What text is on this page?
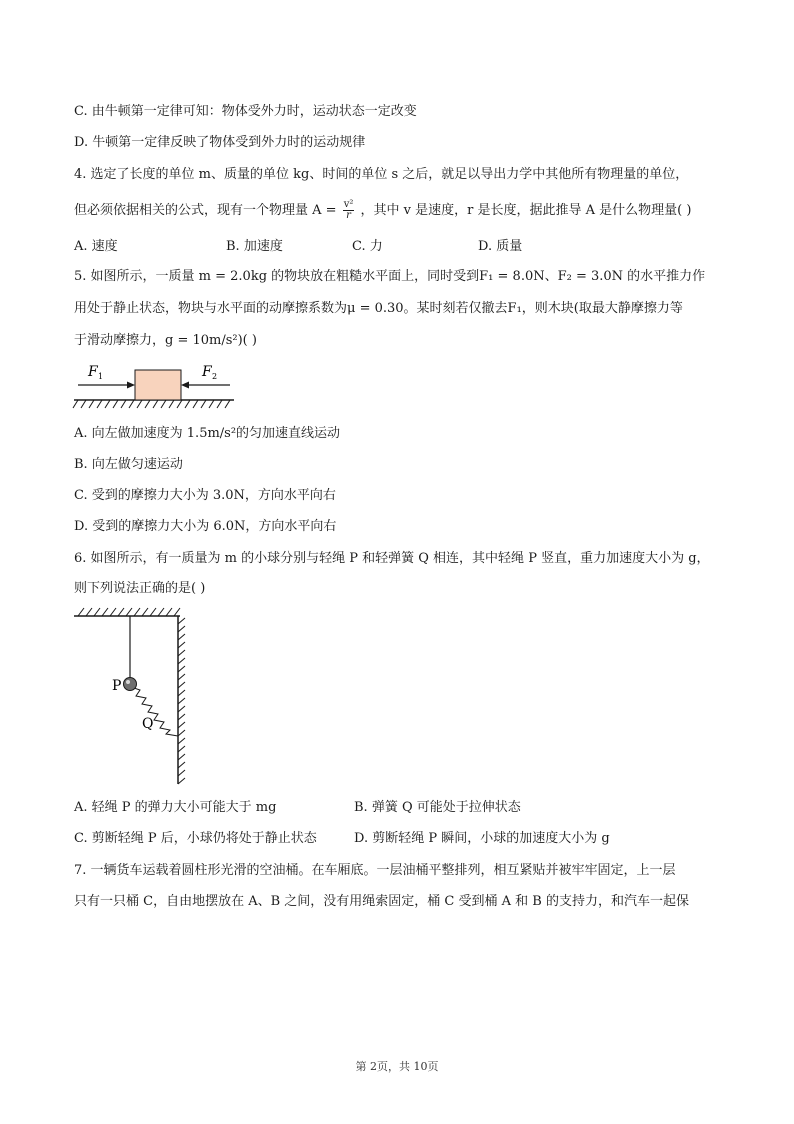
C. 由牛顿第一定律可知：物体受外力时，运动状态一定改变
D. 牛顿第一定律反映了物体受到外力时的运动规律
4. 选定了长度的单位 m、质量的单位 kg、时间的单位 s 之后，就足以导出力学中其他所有物理量的单位，
但必须依据相关的公式，现有一个物理量 $A = \frac{\text{v²}}{r}$ ，其中 v 是速度，r 是长度，据此推导 A 是什么物理量( )
A. 速度	B. 加速度	C. 力	D. 质量
5. 如图所示，一质量 m = 2.0kg 的物块放在粗糙水平面上，同时受到F₁ = 8.0N、F₂ = 3.0N 的水平推力作
用处于静止状态，物块与水平面的动摩擦系数为μ = 0.30。某时刻若仅撤去F₁，则木块(取最大静摩擦力等
于滑动摩擦力，g = 10m/s²)( )
F 1	F 2
A. 向左做加速度为 1.5m/s²的匀加速直线运动
B. 向左做匀速运动
C. 受到的摩擦力大小为 3.0N，方向水平向右
D. 受到的摩擦力大小为 6.0N，方向水平向右
6. 如图所示，有一质量为 m 的小球分别与轻绳 P 和轻弹簧 Q 相连，其中轻绳 P 竖直，重力加速度大小为 g，
则下列说法正确的是( )
P
Q
A. 轻绳 P 的弹力大小可能大于 mg	B. 弹簧 Q 可能处于拉伸状态
C. 剪断轻绳 P 后，小球仍将处于静止状态	D. 剪断轻绳 P 瞬间，小球的加速度大小为 g
7. 一辆货车运载着圆柱形光滑的空油桶。在车厢底。一层油桶平整排列，相互紧贴并被牢牢固定，上一层
只有一只桶 C，自由地摆放在 A、B 之间，没有用绳索固定，桶 C 受到桶 A 和 B 的支持力，和汽车一起保
第 2页，共 10页
